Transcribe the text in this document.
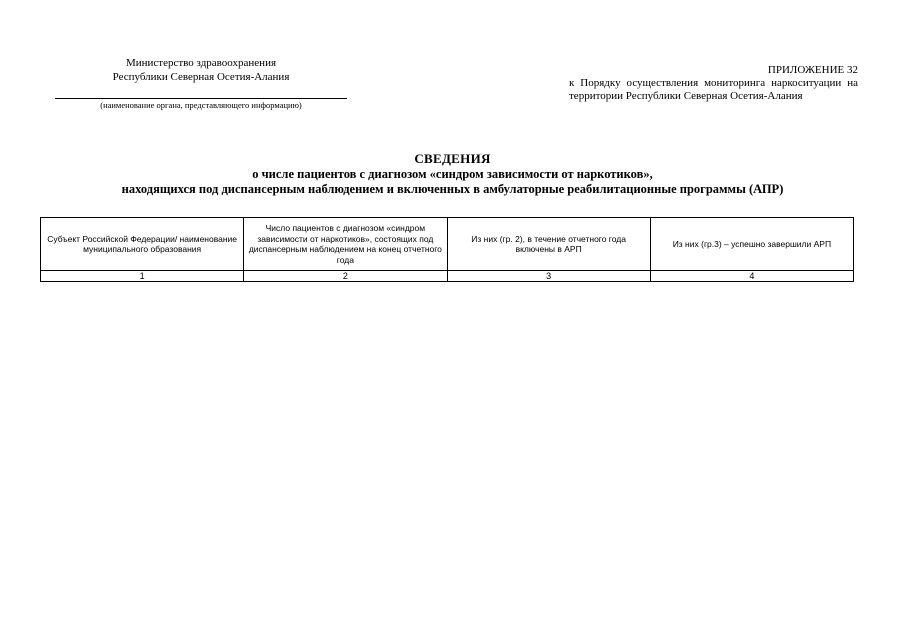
Министерство здравоохранения
Республики Северная Осетия-Алания
(наименование органа, представляющего информацию)
ПРИЛОЖЕНИЕ 32
к Порядку осуществления мониторинга наркоситуации на территории Республики Северная Осетия-Алания
СВЕДЕНИЯ
о числе пациентов с диагнозом «синдром зависимости от наркотиков»,
находящихся под диспансерным наблюдением и включенных в амбулаторные реабилитационные программы (АПР)
Субъект Российской Федерации/ наименование муниципального образования	Число пациентов с диагнозом «синдром зависимости от наркотиков», состоящих под диспансерным наблюдением на конец отчетного года	Из них (гр. 2), в течение отчетного года включены в АРП	Из них (гр.3) – успешно завершили АРП
1	2	3	4
